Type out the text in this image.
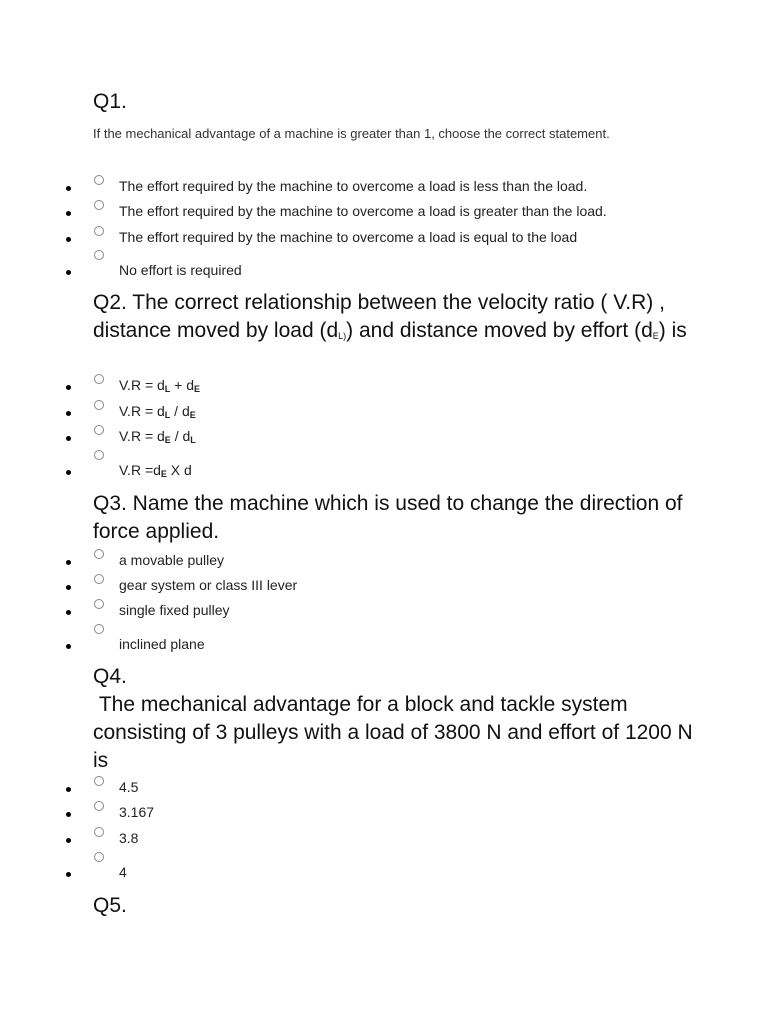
Q1.
If the mechanical advantage of a machine is greater than 1, choose the correct statement.
The effort required by the machine to overcome a load is less than the load.
The effort required by the machine to overcome a load is greater than the load.
The effort required by the machine to overcome a load is equal to the load
No effort is required
Q2. The correct relationship between the velocity ratio ( V.R) , distance moved by load $(d_{L)})$ and distance moved by effort $(d_E)$ is
$V.R = d_L + d_E$
$V.R = d_L / d_E$
$V.R = d_E / d_L$
$V.R =d_E$ X d
Q3. Name the machine which is used to change the direction of force applied.
a movable pulley
gear system or class III lever
single fixed pulley
inclined plane
Q4.
The mechanical advantage for a block and tackle system consisting of 3 pulleys with a load of 3800 N and effort of 1200 N is
4.5
3.167
3.8
4
Q5.
